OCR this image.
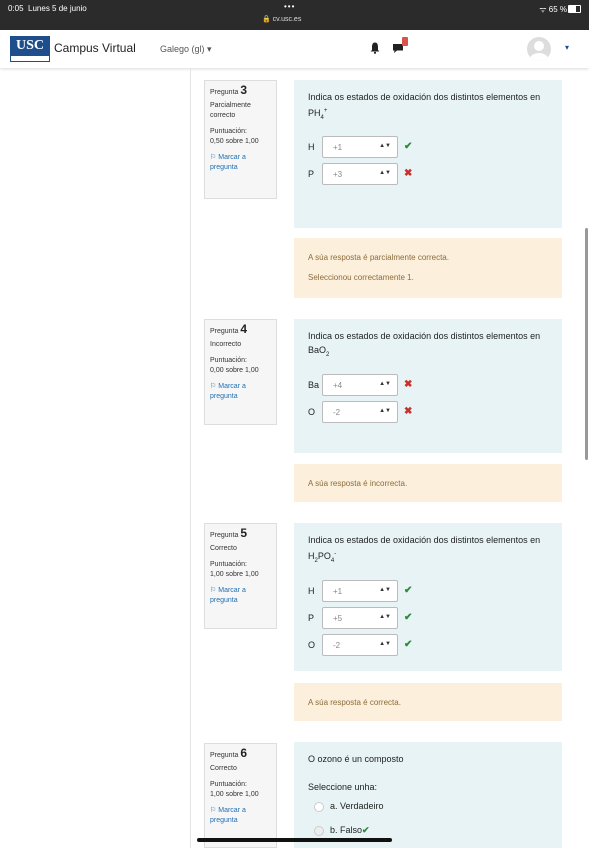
0:05 Lunes 5 de junio	•••
🔒 cv.usc.es
ᯤ 65 %
USC Campus Virtual	Galego (gl) ▾	▾
Pregunta 3
Parcialmente correcto
Puntuación:
0,50 sobre 1,00
⚐ Marcar a pregunta
Indica os estados de oxidación dos distintos elementos en $PH_4^+$
H	+1	▲▼ ✔
P	+3	▲▼ ✖
A súa resposta é parcialmente correcta.
Seleccionou correctamente 1.
Pregunta 4
Incorrecto
Puntuación:
0,00 sobre 1,00
⚐ Marcar a pregunta
Indica os estados de oxidación dos distintos elementos en BaO$_2$
Ba	+4	▲▼ ✖
O	-2	▲▼ ✖
A súa resposta é incorrecta.
Pregunta 5
Correcto
Puntuación:
1,00 sobre 1,00
⚐ Marcar a pregunta
Indica os estados de oxidación dos distintos elementos en $H_2PO_4^-$
H	+1	▲▼ ✔
P	+5	▲▼ ✔
O	-2	▲▼ ✔
A súa resposta é correcta.
Pregunta 6
Correcto
Puntuación:
1,00 sobre 1,00
⚐ Marcar a pregunta
O ozono é un composto
Seleccione unha:
a. Verdadeiro
b. Falso✔
